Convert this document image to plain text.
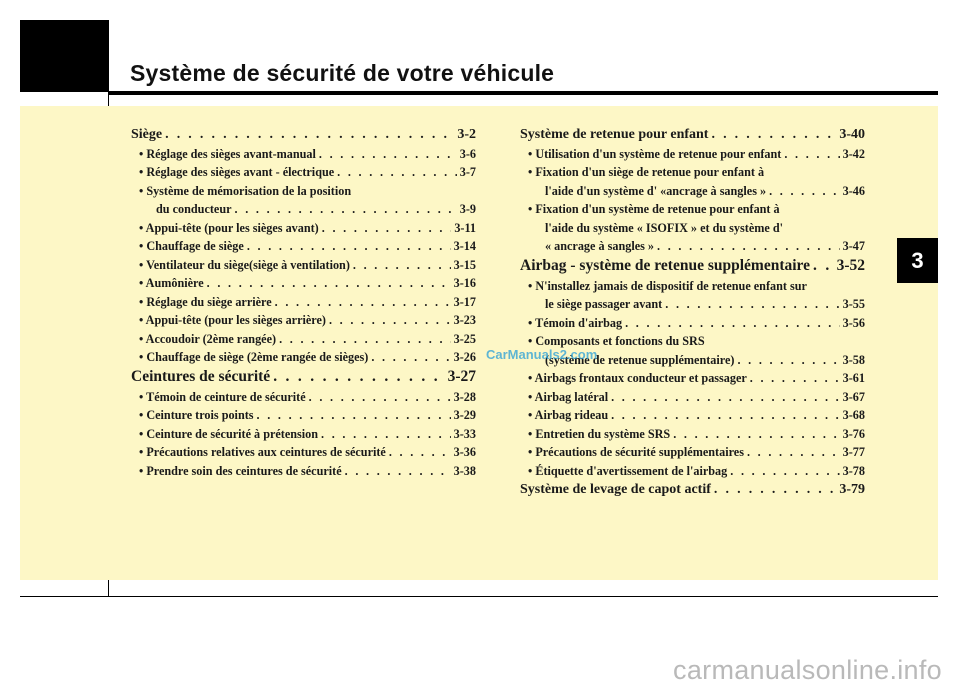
Système de sécurité de votre véhicule
3
Siège . . .	3-2
• Réglage des sièges avant-manual . . .	3-6
• Réglage des sièges avant - électrique . . .	3-7
• Système de mémorisation de la position
du conducteur . . .	3-9
• Appui-tête (pour les sièges avant) . . .	3-11
• Chauffage de siège . . .	3-14
• Ventilateur du siège(siège à ventilation) . . .	3-15
• Aumônière . . .	3-16
• Réglage du siège arrière . . .	3-17
• Appui-tête (pour les sièges arrière) . . .	3-23
• Accoudoir (2ème rangée) . . .	3-25
• Chauffage de siège (2ème rangée de sièges) . . .	3-26
Ceintures de sécurité . . .	3-27
• Témoin de ceinture de sécurité . . .	3-28
• Ceinture trois points . . .	3-29
• Ceinture de sécurité à prétension . . .	3-33
• Précautions relatives aux ceintures de sécurité . . .	3-36
• Prendre soin des ceintures de sécurité . . .	3-38
Système de retenue pour enfant . . .	3-40
• Utilisation d'un système de retenue pour enfant . . .	3-42
• Fixation d'un siège de retenue pour enfant à
l'aide d'un système d' «ancrage à sangles » . . .	3-46
• Fixation d'un système de retenue pour enfant à
l'aide du système « ISOFIX » et du système d'
« ancrage à sangles » . . .	3-47
Airbag - système de retenue supplémentaire . . . 3-52
• N'installez jamais de dispositif de retenue enfant sur
le siège passager avant . . .	3-55
• Témoin d'airbag . . .	3-56
• Composants et fonctions du SRS
(système de retenue supplémentaire) . . .	3-58
• Airbags frontaux conducteur et passager . . .	3-61
• Airbag latéral . . .	3-67
• Airbag rideau . . .	3-68
• Entretien du système SRS . . .	3-76
• Précautions de sécurité supplémentaires . . .	3-77
• Étiquette d'avertissement de l'airbag . . .	3-78
Système de levage de capot actif . . .	3-79
CarManuals2.com
carmanualsonline.info
